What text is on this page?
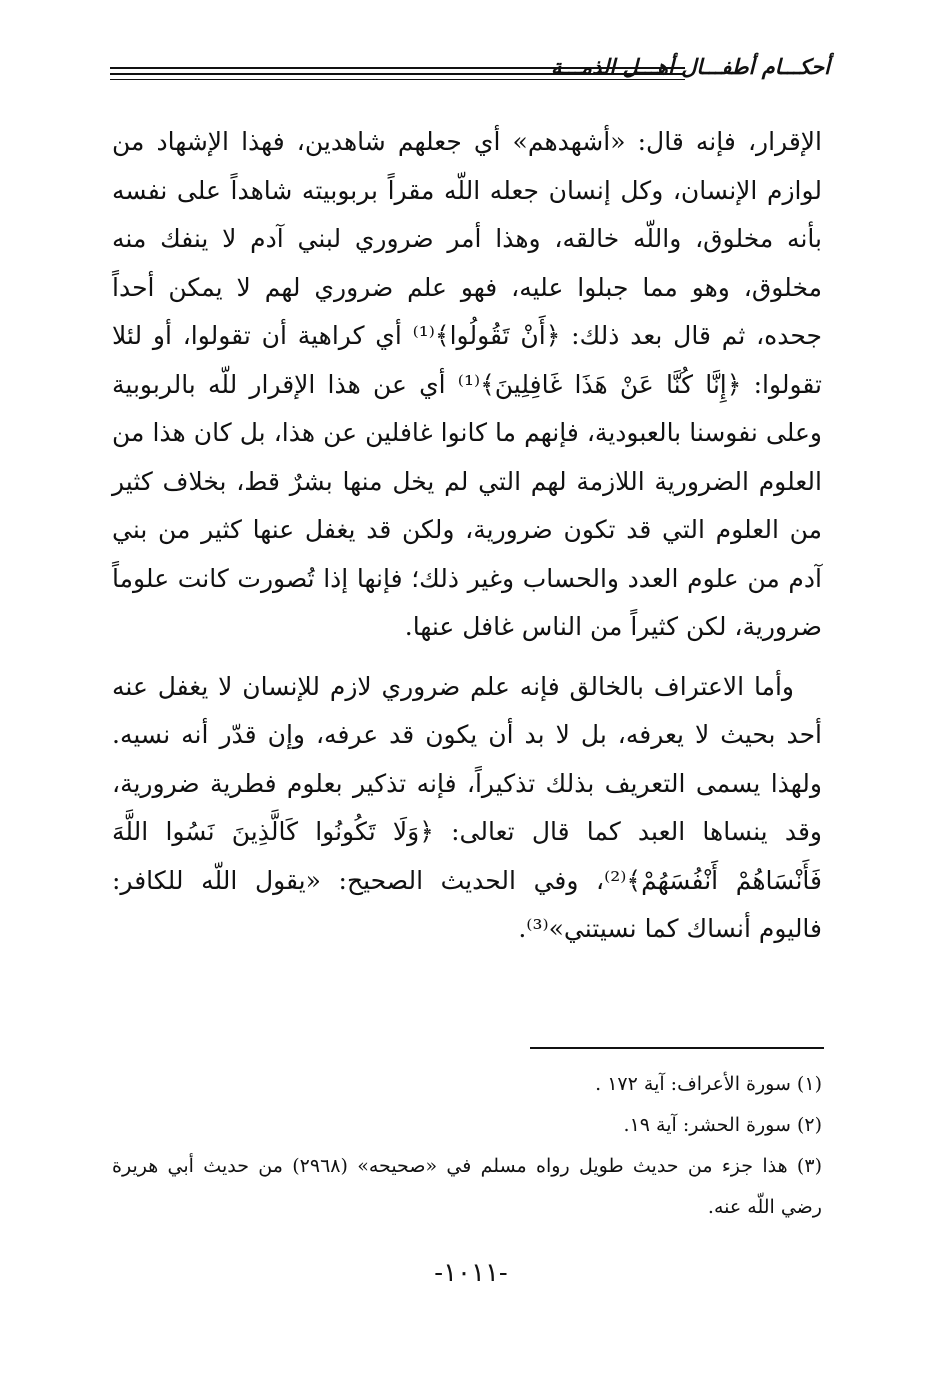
أحكـــام أطفـــال أهـــل الذمـــة

الإقرار، فإنه قال: «أشهدهم» أي جعلهم شاهدين، فهذا الإشهاد من لوازم الإنسان، وكل إنسان جعله اللّه مقراً بربوبيته شاهداً على نفسه بأنه مخلوق، واللّه خالقه، وهذا أمر ضروري لبني آدم لا ينفك منه مخلوق، وهو مما جبلوا عليه، فهو علم ضروري لهم لا يمكن أحداً جحده، ثم قال بعد ذلك: ﴿أَنْ تَقُولُوا﴾⁽¹⁾ أي كراهية أن تقولوا، أو لئلا تقولوا: ﴿إِنَّا كُنَّا عَنْ هَذَا غَافِلِينَ﴾⁽¹⁾ أي عن هذا الإقرار للّه بالربوبية وعلى نفوسنا بالعبودية، فإنهم ما كانوا غافلين عن هذا، بل كان هذا من العلوم الضرورية اللازمة لهم التي لم يخل منها بشرٌ قط، بخلاف كثير من العلوم التي قد تكون ضرورية، ولكن قد يغفل عنها كثير من بني آدم من علوم العدد والحساب وغير ذلك؛ فإنها إذا تُصورت كانت علوماً ضرورية، لكن كثيراً من الناس غافل عنها.

وأما الاعتراف بالخالق فإنه علم ضروري لازم للإنسان لا يغفل عنه أحد بحيث لا يعرفه، بل لا بد أن يكون قد عرفه، وإن قدّر أنه نسيه. ولهذا يسمى التعريف بذلك تذكيراً، فإنه تذكير بعلوم فطرية ضرورية، وقد ينساها العبد كما قال تعالى: ﴿وَلَا تَكُونُوا كَالَّذِينَ نَسُوا اللَّهَ فَأَنْسَاهُمْ أَنْفُسَهُمْ﴾⁽²⁾، وفي الحديث الصحيح: «يقول اللّه للكافر: فاليوم أنساك كما نسيتني»⁽³⁾.

(١) سورة الأعراف: آية ١٧٢ .

(٢) سورة الحشر: آية ١٩.

(٣) هذا جزء من حديث طويل رواه مسلم في «صحيحه» (٢٩٦٨) من حديث أبي هريرة رضي اللّه عنه.

-١٠١١-
